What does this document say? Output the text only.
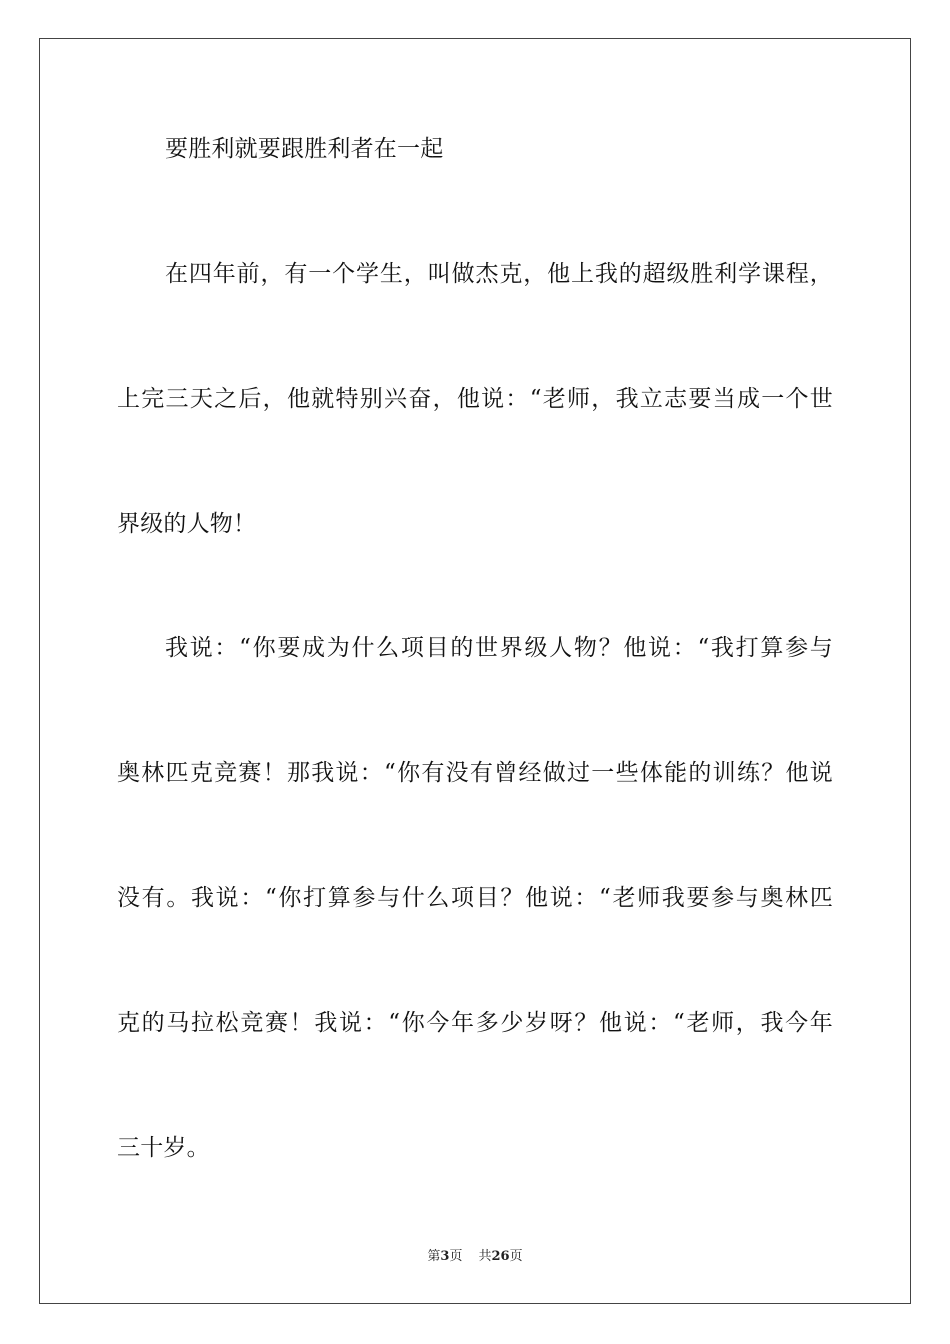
要胜利就要跟胜利者在一起
在四年前，有一个学生，叫做杰克，他上我的超级胜利学课程，
上完三天之后，他就特别兴奋，他说：“老师，我立志要当成一个世
界级的人物！
我说：“你要成为什么项目的世界级人物？他说：“我打算参与
奥林匹克竞赛！那我说：“你有没有曾经做过一些体能的训练？他说
没有。我说：“你打算参与什么项目？他说：“老师我要参与奥林匹
克的马拉松竞赛！我说：“你今年多少岁呀？他说：“老师，我今年
三十岁。
第3页 共26页
